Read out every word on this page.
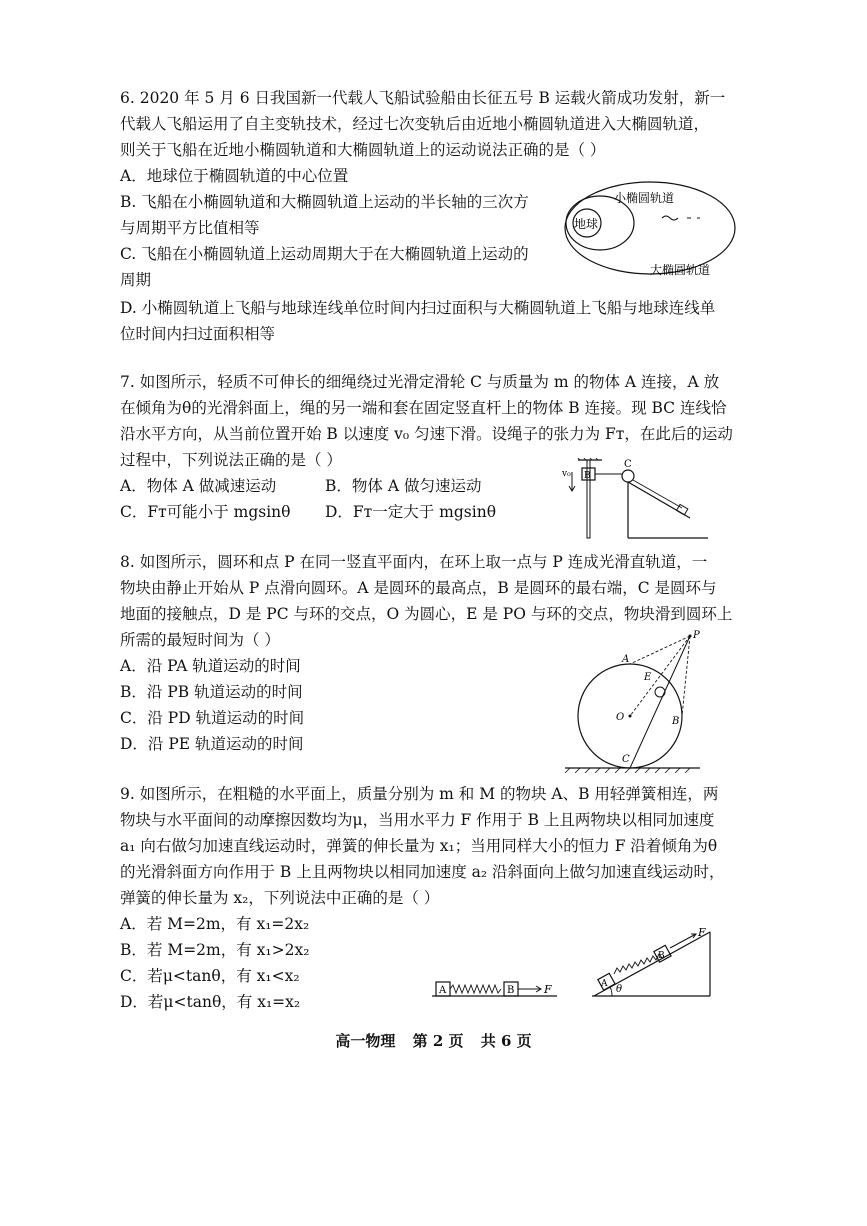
6. 2020 年 5 月 6 日我国新一代载人飞船试验船由长征五号 B 运载火箭成功发射，新一
代载人飞船运用了自主变轨技术，经过七次变轨后由近地小椭圆轨道进入大椭圆轨道，
则关于飞船在近地小椭圆轨道和大椭圆轨道上的运动说法正确的是（ ）
A．地球位于椭圆轨道的中心位置
B. 飞船在小椭圆轨道和大椭圆轨道上运动的半长轴的三次方
与周期平方比值相等
C. 飞船在小椭圆轨道上运动周期大于在大椭圆轨道上运动的
周期
D. 小椭圆轨道上飞船与地球连线单位时间内扫过面积与大椭圆轨道上飞船与地球连线单
位时间内扫过面积相等
地球
小椭圆轨道
大椭圆轨道
7. 如图所示，轻质不可伸长的细绳绕过光滑定滑轮 C 与质量为 m 的物体 A 连接，A 放
在倾角为θ的光滑斜面上，绳的另一端和套在固定竖直杆上的物体 B 连接。现 BC 连线恰
沿水平方向，从当前位置开始 B 以速度 v₀ 匀速下滑。设绳子的张力为 Fᴛ，在此后的运动
过程中，下列说法正确的是（ ）
A．物体 A 做减速运动	B．物体 A 做匀速运动
C．Fᴛ可能小于 mgsinθ D．Fᴛ一定大于 mgsinθ
B
v₀
C
8. 如图所示，圆环和点 P 在同一竖直平面内，在环上取一点与 P 连成光滑直轨道，一
物块由静止开始从 P 点滑向圆环。A 是圆环的最高点，B 是圆环的最右端，C 是圆环与
地面的接触点，D 是 PC 与环的交点，O 为圆心，E 是 PO 与环的交点，物块滑到圆环上
所需的最短时间为（ ）
A．沿 PA 轨道运动的时间
B．沿 PB 轨道运动的时间
C．沿 PD 轨道运动的时间
D．沿 PE 轨道运动的时间
P
A
E
O	B
C
9. 如图所示，在粗糙的水平面上，质量分别为 m 和 M 的物块 A、B 用轻弹簧相连，两
物块与水平面间的动摩擦因数均为μ，当用水平力 F 作用于 B 上且两物块以相同加速度
a₁ 向右做匀加速直线运动时，弹簧的伸长量为 x₁；当用同样大小的恒力 F 沿着倾角为θ
的光滑斜面方向作用于 B 上且两物块以相同加速度 a₂ 沿斜面向上做匀加速直线运动时，
弹簧的伸长量为 x₂，下列说法中正确的是（ ）
A．若 M=2m，有 x₁=2x₂
B．若 M=2m，有 x₁>2x₂
C．若μ<tanθ，有 x₁<x₂
D．若μ<tanθ，有 x₁=x₂
A	B	F	A
B
F
θ
高一物理 第 2 页 共 6 页
